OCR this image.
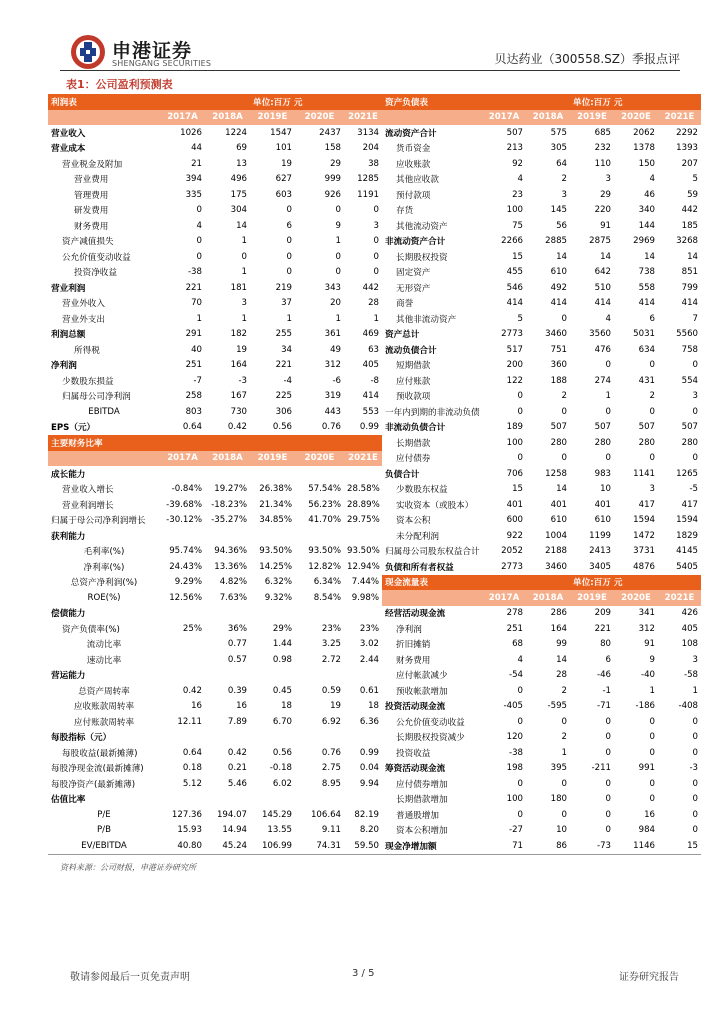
申港证券
SHENGANG SECURITIES	贝达药业（300558.SZ）季报点评
表1：公司盈利预测表
利润表			单位:百万 元			资产负债表			单位:百万 元		
	2017A	2018A	2019E	2020E	2021E		2017A	2018A	2019E	2020E	2021E
营业收入	1026	1224	1547	2437	3134	流动资产合计	507	575	685	2062	2292
营业成本	44	69	101	158	204	货币资金	213	305	232	1378	1393
营业税金及附加	21	13	19	29	38	应收账款	92	64	110	150	207
营业费用	394	496	627	999	1285	其他应收款	4	2	3	4	5
管理费用	335	175	603	926	1191	预付款项	23	3	29	46	59
研发费用	0	304	0	0	0	存货	100	145	220	340	442
财务费用	4	14	6	9	3	其他流动资产	75	56	91	144	185
资产减值损失	0	1	0	1	0	非流动资产合计	2266	2885	2875	2969	3268
公允价值变动收益	0	0	0	0	0	长期股权投资	15	14	14	14	14
投资净收益	-38	1	0	0	0	固定资产	455	610	642	738	851
营业利润	221	181	219	343	442	无形资产	546	492	510	558	799
营业外收入	70	3	37	20	28	商誉	414	414	414	414	414
营业外支出	1	1	1	1	1	其他非流动资产	5	0	4	6	7
利润总额	291	182	255	361	469	资产总计	2773	3460	3560	5031	5560
所得税	40	19	34	49	63	流动负债合计	517	751	476	634	758
净利润	251	164	221	312	405	短期借款	200	360	0	0	0
少数股东损益	-7	-3	-4	-6	-8	应付账款	122	188	274	431	554
归属母公司净利润	258	167	225	319	414	预收款项	0	2	1	2	3
EBITDA	803	730	306	443	553	一年内到期的非流动负债	0	0	0	0	0
EPS（元）	0.64	0.42	0.56	0.76	0.99	非流动负债合计	189	507	507	507	507
主要财务比率						长期借款	100	280	280	280	280
	2017A	2018A	2019E	2020E	2021E	应付债券	0	0	0	0	0
成长能力						负债合计	706	1258	983	1141	1265
营业收入增长	-0.84%	19.27%	26.38%	57.54%	28.58%	少数股东权益	15	14	10	3	-5
营业利润增长	-39.68%	-18.23%	21.34%	56.23%	28.89%	实收资本（或股本）	401	401	401	417	417
归属于母公司净利润增长	-30.12%	-35.27%	34.85%	41.70%	29.75%	资本公积	600	610	610	1594	1594
获利能力						未分配利润	922	1004	1199	1472	1829
毛利率(%)	95.74%	94.36%	93.50%	93.50%	93.50%	归属母公司股东权益合计	2052	2188	2413	3731	4145
净利率(%)	24.43%	13.36%	14.25%	12.82%	12.94%	负债和所有者权益	2773	3460	3405	4876	5405
总资产净利润(%)	9.29%	4.82%	6.32%	6.34%	7.44%	现金流量表			单位:百万 元		
ROE(%)	12.56%	7.63%	9.32%	8.54%	9.98%		2017A	2018A	2019E	2020E	2021E
偿债能力						经营活动现金流	278	286	209	341	426
资产负债率(%)	25%	36%	29%	23%	23%	净利润	251	164	221	312	405
流动比率		0.77	1.44	3.25	3.02	折旧摊销	68	99	80	91	108
速动比率		0.57	0.98	2.72	2.44	财务费用	4	14	6	9	3
营运能力						应付帐款减少	-54	28	-46	-40	-58
总资产周转率	0.42	0.39	0.45	0.59	0.61	预收帐款增加	0	2	-1	1	1
应收账款周转率	16	16	18	19	18	投资活动现金流	-405	-595	-71	-186	-408
应付账款周转率	12.11	7.89	6.70	6.92	6.36	公允价值变动收益	0	0	0	0	0
每股指标（元）						长期股权投资减少	120	2	0	0	0
每股收益(最新摊薄)	0.64	0.42	0.56	0.76	0.99	投资收益	-38	1	0	0	0
每股净现金流(最新摊薄)	0.18	0.21	-0.18	2.75	0.04	筹资活动现金流	198	395	-211	991	-3
每股净资产(最新摊薄)	5.12	5.46	6.02	8.95	9.94	应付债券增加	0	0	0	0	0
估值比率						长期借款增加	100	180	0	0	0
P/E	127.36	194.07	145.29	106.64	82.19	普通股增加	0	0	0	16	0
P/B	15.93	14.94	13.55	9.11	8.20	资本公积增加	-27	10	0	984	0
EV/EBITDA	40.80	45.24	106.99	74.31	59.50	现金净增加额	71	86	-73	1146	15
资料来源：公司财报，申港证券研究所
敬请参阅最后一页免责声明	3 / 5	证券研究报告
